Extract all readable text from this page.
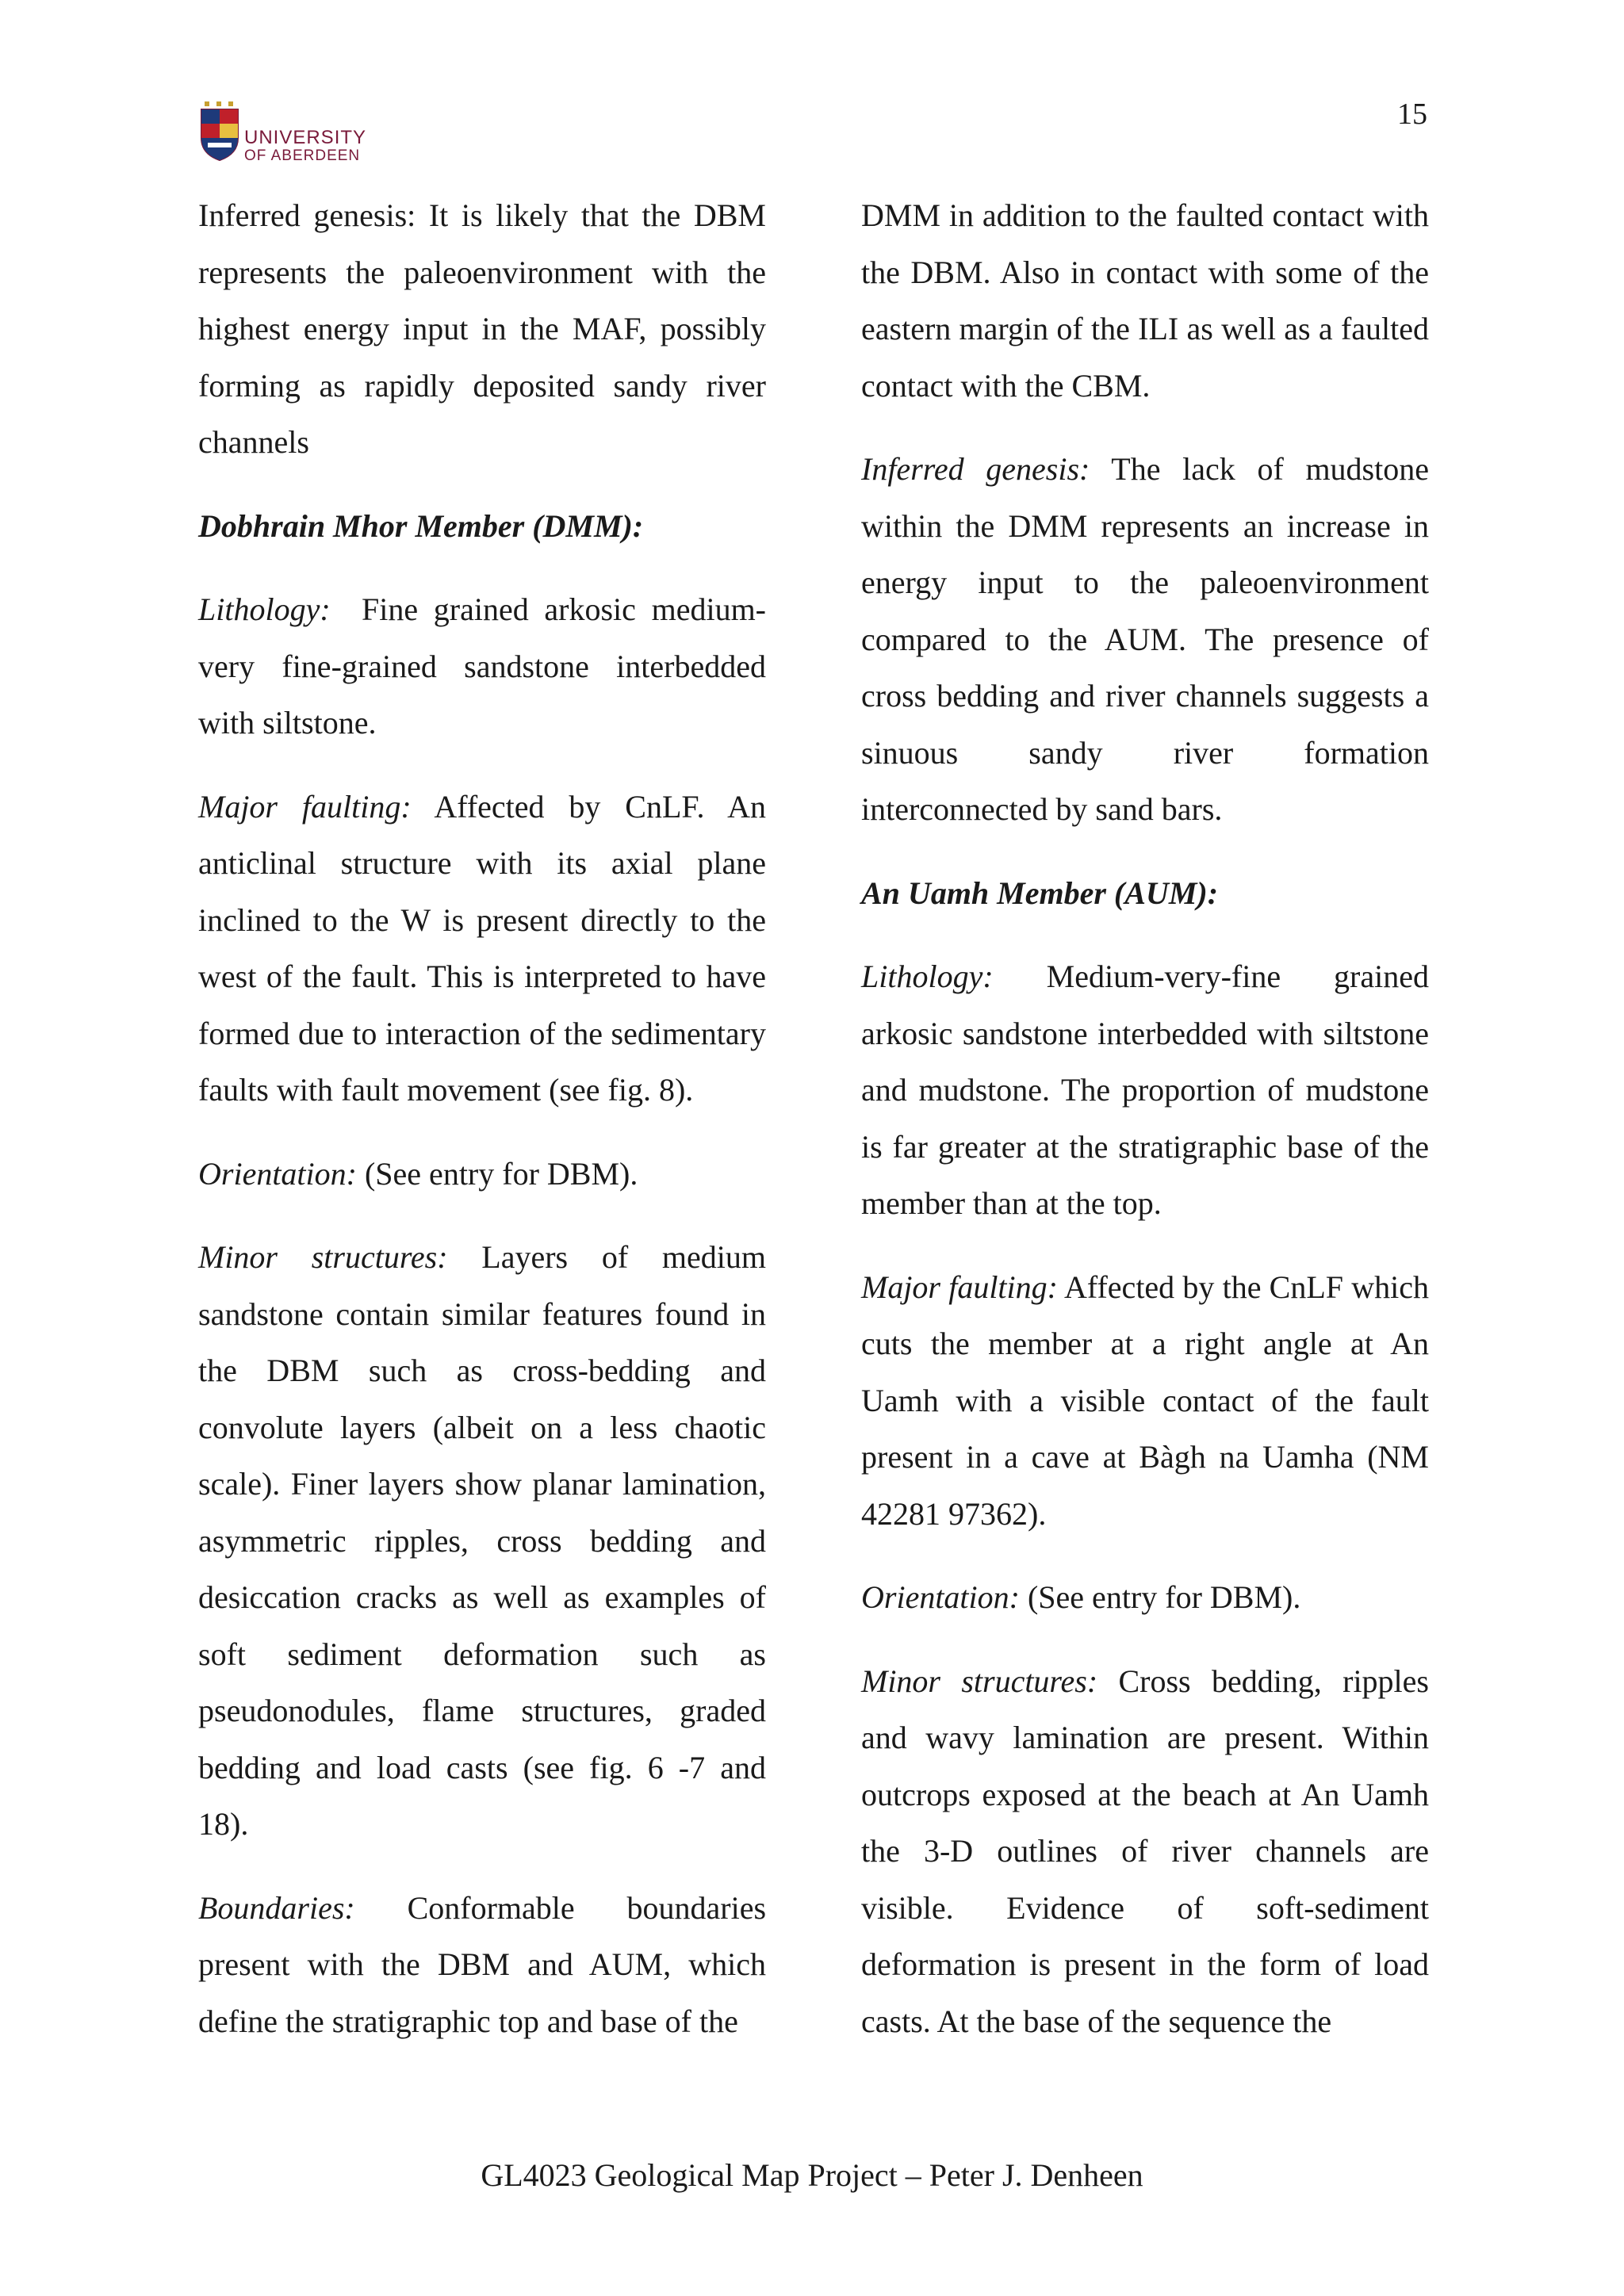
UNIVERSITY
OF ABERDEEN
15

Inferred genesis: It is likely that the DBM represents the paleoenvironment with the highest energy input in the MAF, possibly forming as rapidly deposited sandy river channels

Dobhrain Mhor Member (DMM):

Lithology: Fine grained arkosic medium-very fine-grained sandstone interbedded with siltstone.

Major faulting: Affected by CnLF. An anticlinal structure with its axial plane inclined to the W is present directly to the west of the fault. This is interpreted to have formed due to interaction of the sedimentary faults with fault movement (see fig. 8).

Orientation: (See entry for DBM).

Minor structures: Layers of medium sandstone contain similar features found in the DBM such as cross-bedding and convolute layers (albeit on a less chaotic scale). Finer layers show planar lamination, asymmetric ripples, cross bedding and desiccation cracks as well as examples of soft sediment deformation such as pseudonodules, flame structures, graded bedding and load casts (see fig. 6 -7 and 18).

Boundaries: Conformable boundaries present with the DBM and AUM, which define the stratigraphic top and base of the

DMM in addition to the faulted contact with the DBM. Also in contact with some of the eastern margin of the ILI as well as a faulted contact with the CBM.

Inferred genesis: The lack of mudstone within the DMM represents an increase in energy input to the paleoenvironment compared to the AUM. The presence of cross bedding and river channels suggests a sinuous sandy river formation interconnected by sand bars.

An Uamh Member (AUM):

Lithology: Medium-very-fine grained arkosic sandstone interbedded with siltstone and mudstone. The proportion of mudstone is far greater at the stratigraphic base of the member than at the top.

Major faulting: Affected by the CnLF which cuts the member at a right angle at An Uamh with a visible contact of the fault present in a cave at Bàgh na Uamha (NM 42281 97362).

Orientation: (See entry for DBM).

Minor structures: Cross bedding, ripples and wavy lamination are present. Within outcrops exposed at the beach at An Uamh the 3-D outlines of river channels are visible. Evidence of soft-sediment deformation is present in the form of load casts. At the base of the sequence the

GL4023 Geological Map Project – Peter J. Denheen
